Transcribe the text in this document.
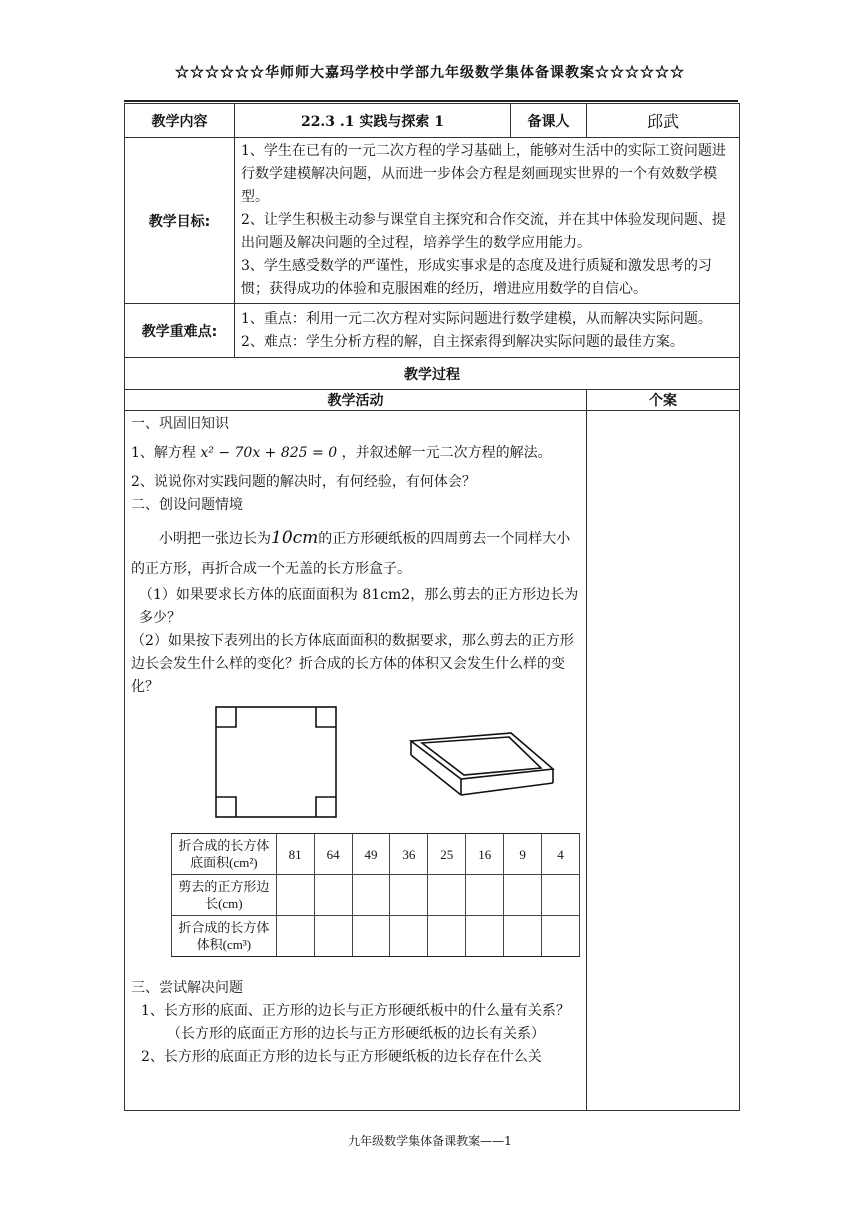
☆☆☆☆☆☆华师师大嘉玛学校中学部九年级数学集体备课教案☆☆☆☆☆☆
教学内容	22.3 .1 实践与探索 1	备课人	邱武
教学目标:	
1、学生在已有的一元二次方程的学习基础上，能够对生活中的实际工资问题进行数学建模解决问题，从而进一步体会方程是刻画现实世界的一个有效数学模型。
2、让学生积极主动参与课堂自主探究和合作交流，并在其中体验发现问题、提出问题及解决问题的全过程，培养学生的数学应用能力。
3、学生感受数学的严谨性，形成实事求是的态度及进行质疑和激发思考的习惯；获得成功的体验和克服困难的经历，增进应用数学的自信心。

教学重难点:	
1、重点：利用一元二次方程对实际问题进行数学建模，从而解决实际问题。
2、难点：学生分析方程的解，自主探索得到解决实际问题的最佳方案。

教学过程
教学活动	个案

一、巩固旧知识

1、解方程 x² − 70x + 825 = 0 ，并叙述解一元二次方程的解法。

2、说说你对实践问题的解决时，有何经验，有何体会？

二、创设问题情境

小明把一张边长为10cm的正方形硬纸板的四周剪去一个同样大小的正方形，再折合成一个无盖的长方形盒子。

（1）如果要求长方体的底面面积为 81cm2，那么剪去的正方形边长为多少？

（2）如果按下表列出的长方体底面面积的数据要求，那么剪去的正方形边长会发生什么样的变化？折合成的长方体的体积又会发生什么样的变化？

折合成的长方体底面积(cm²)	81	64	49	36	25	16	9	4
剪去的正方形边长(cm)								
折合成的长方体体积(cm³)								

三、尝试解决问题

1、长方形的底面、正方形的边长与正方形硬纸板中的什么量有关系？

（长方形的底面正方形的边长与正方形硬纸板的边长有关系）

2、长方形的底面正方形的边长与正方形硬纸板的边长存在什么关

九年级数学集体备课教案——1
